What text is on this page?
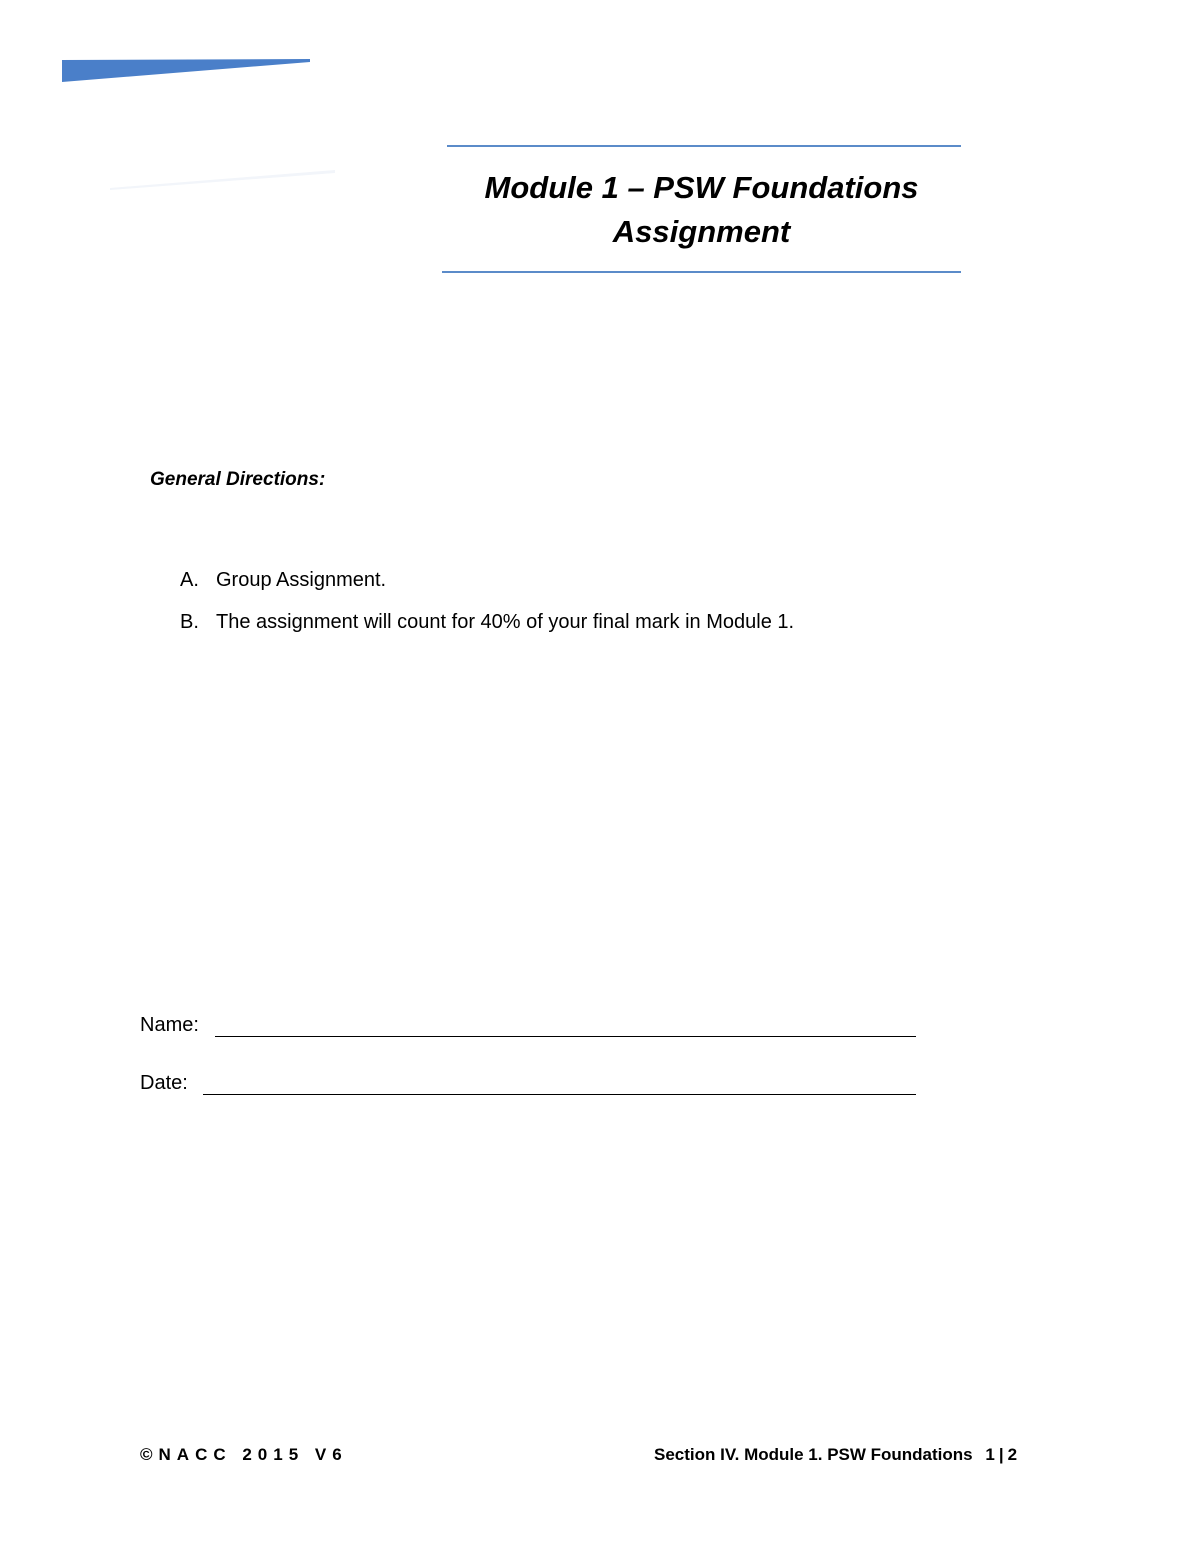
Module 1 – PSW Foundations
Assignment
General Directions:
A. Group Assignment.
B. The assignment will count for 40% of your final mark in Module 1.
Name:
Date:
©NACC 2015 V6	Section IV. Module 1. PSW Foundations 1 | 2
